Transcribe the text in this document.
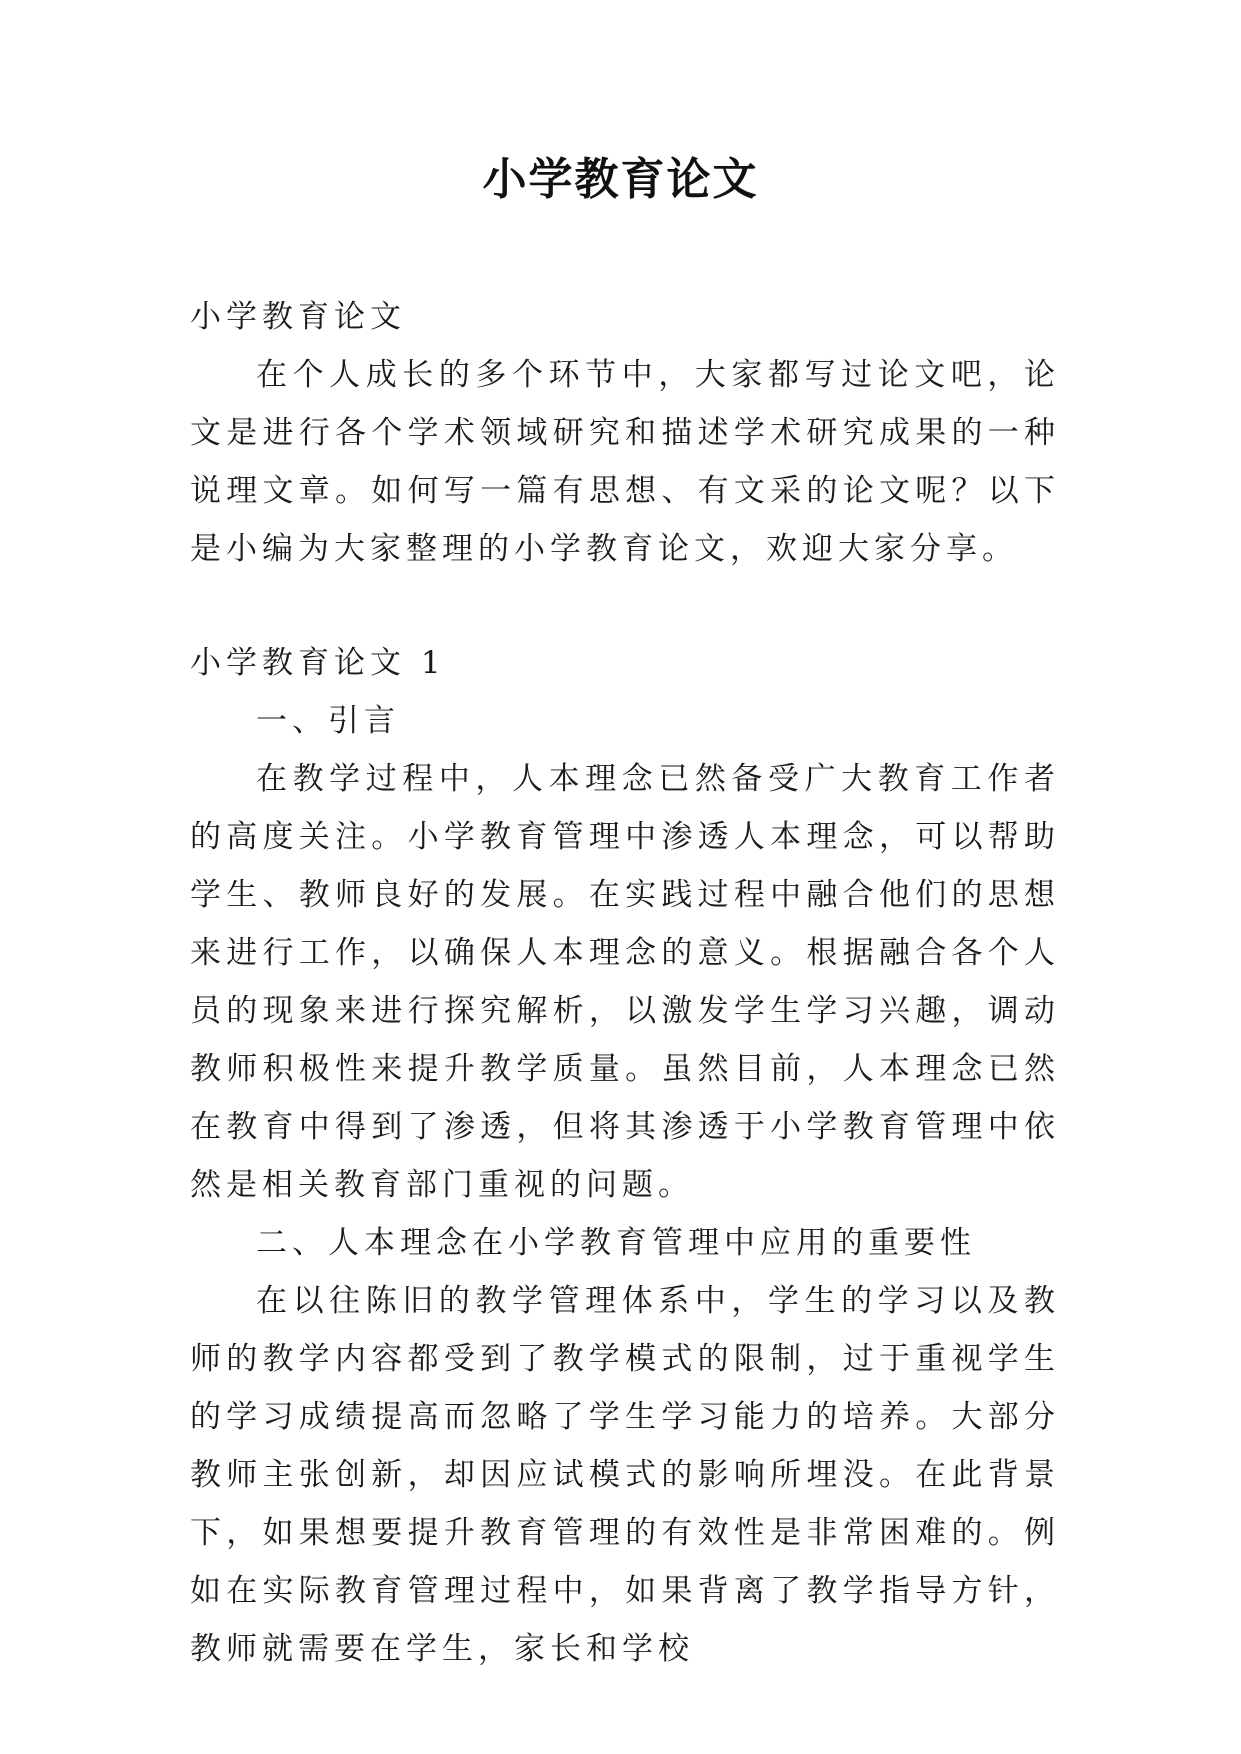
小学教育论文

小学教育论文

在个人成长的多个环节中，大家都写过论文吧，论文是进行各个学术领域研究和描述学术研究成果的一种说理文章。如何写一篇有思想、有文采的论文呢？以下是小编为大家整理的小学教育论文，欢迎大家分享。

小学教育论文 1

一、引言

在教学过程中，人本理念已然备受广大教育工作者的高度关注。小学教育管理中渗透人本理念，可以帮助学生、教师良好的发展。在实践过程中融合他们的思想来进行工作，以确保人本理念的意义。根据融合各个人员的现象来进行探究解析，以激发学生学习兴趣，调动教师积极性来提升教学质量。虽然目前，人本理念已然在教育中得到了渗透，但将其渗透于小学教育管理中依然是相关教育部门重视的问题。

二、人本理念在小学教育管理中应用的重要性

在以往陈旧的教学管理体系中，学生的学习以及教师的教学内容都受到了教学模式的限制，过于重视学生的学习成绩提高而忽略了学生学习能力的培养。大部分教师主张创新，却因应试模式的影响所埋没。在此背景下，如果想要提升教育管理的有效性是非常困难的。例如在实际教育管理过程中，如果背离了教学指导方针，教师就需要在学生，家长和学校
